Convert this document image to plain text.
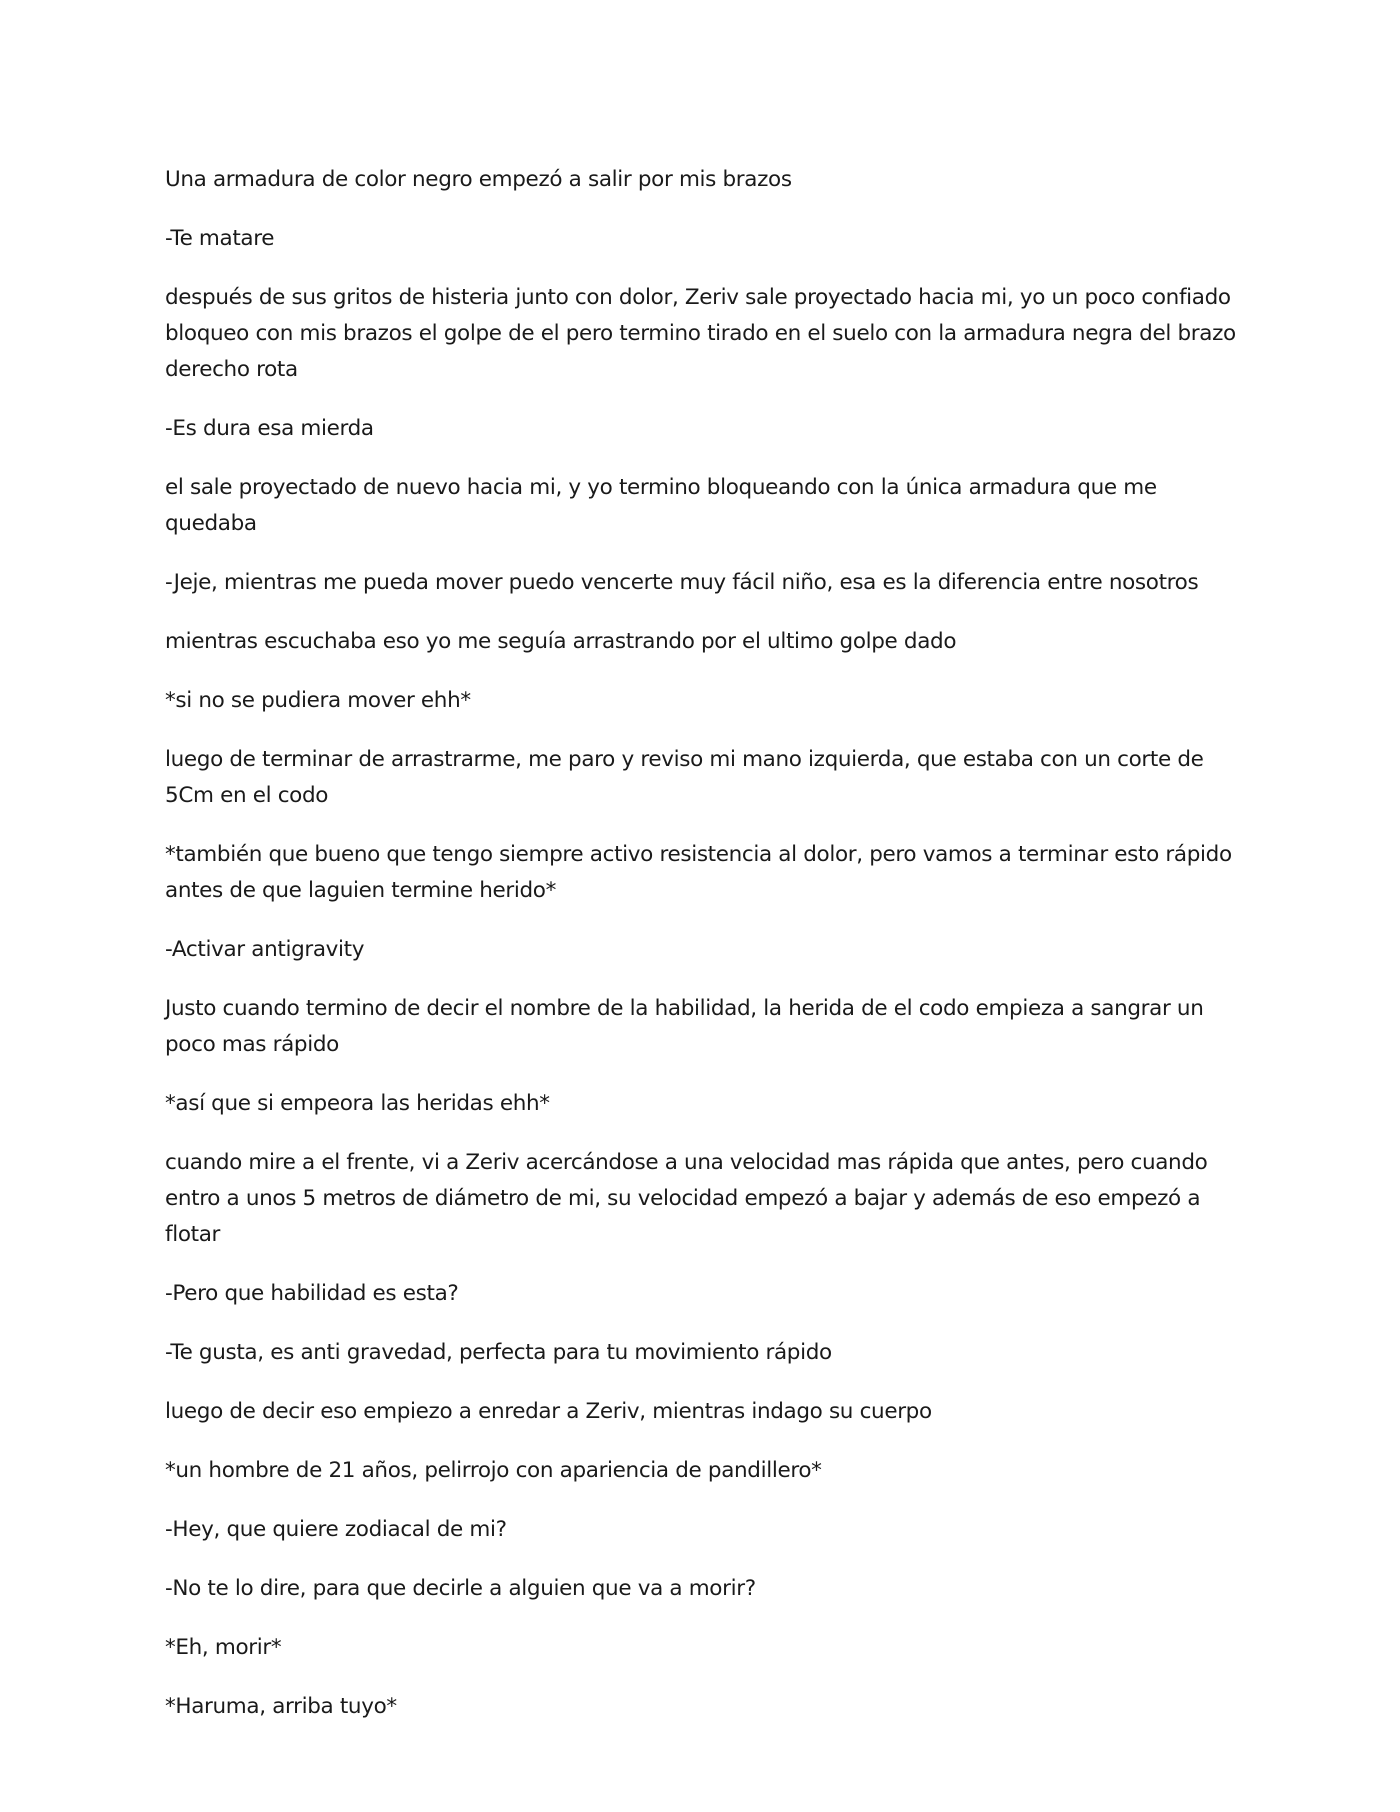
Una armadura de color negro empezó a salir por mis brazos

-Te matare

después de sus gritos de histeria junto con dolor, Zeriv sale proyectado hacia mi, yo un poco confiado bloqueo con mis brazos el golpe de el pero termino tirado en el suelo con la armadura negra del brazo derecho rota

-Es dura esa mierda

el sale proyectado de nuevo hacia mi, y yo termino bloqueando con la única armadura que me quedaba

-Jeje, mientras me pueda mover puedo vencerte muy fácil niño, esa es la diferencia entre nosotros

mientras escuchaba eso yo me seguía arrastrando por el ultimo golpe dado

*si no se pudiera mover ehh*

luego de terminar de arrastrarme, me paro y reviso mi mano izquierda, que estaba con un corte de 5Cm en el codo

*también que bueno que tengo siempre activo resistencia al dolor, pero vamos a terminar esto rápido antes de que laguien termine herido*

-Activar antigravity

Justo cuando termino de decir el nombre de la habilidad, la herida de el codo empieza a sangrar un poco mas rápido

*así que si empeora las heridas ehh*

cuando mire a el frente, vi a Zeriv acercándose a una velocidad mas rápida que antes, pero cuando entro a unos 5 metros de diámetro de mi, su velocidad empezó a bajar y además de eso empezó a flotar

-Pero que habilidad es esta?

-Te gusta, es anti gravedad, perfecta para tu movimiento rápido

luego de decir eso empiezo a enredar a Zeriv, mientras indago su cuerpo

*un hombre de 21 años, pelirrojo con apariencia de pandillero*

-Hey, que quiere zodiacal de mi?

-No te lo dire, para que decirle a alguien que va a morir?

*Eh, morir*

*Haruma, arriba tuyo*
